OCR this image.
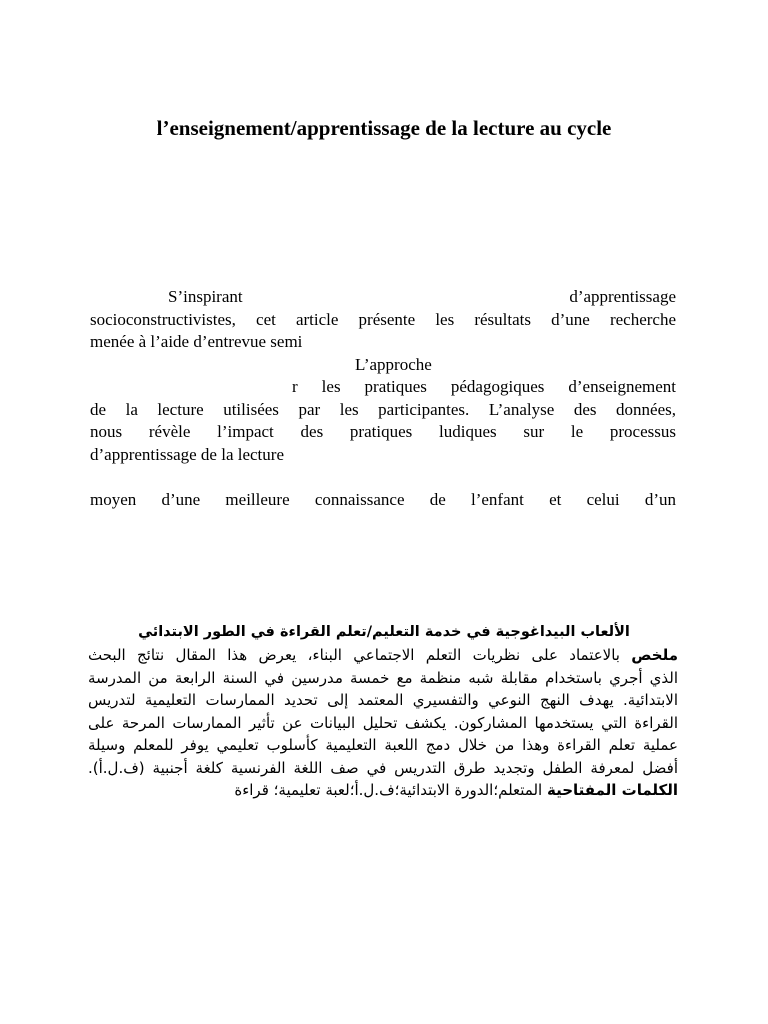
l’enseignement/apprentissage de la lecture au cycle
S’inspirant	d’apprentissage
socioconstructivistes, cet article présente les résultats d’une recherche
menée à l’aide d’entrevue semi
L’approche
r les pratiques pédagogiques d’enseignement
de la lecture utilisées par les participantes. L’analyse des données,
nous révèle l’impact des pratiques ludiques sur le processus
d’apprentissage de la lecture
moyen d’une meilleure connaissance de l’enfant et celui d’un
الألعاب البيداغوجية في خدمة التعليم/تعلم القراءة في الطور الابتدائي
ملخص بالاعتماد على نظريات التعلم الاجتماعي البناء، يعرض هذا المقال نتائج البحث
الذي أجري باستخدام مقابلة شبه منظمة مع خمسة مدرسين في السنة الرابعة من المدرسة
الابتدائية. يهدف النهج النوعي والتفسيري المعتمد إلى تحديد الممارسات التعليمية لتدريس
القراءة التي يستخدمها المشاركون. يكشف تحليل البيانات عن تأثير الممارسات المرحة على
عملية تعلم القراءة وهذا من خلال دمج اللعبة التعليمية كأسلوب تعليمي يوفر للمعلم وسيلة
أفضل لمعرفة الطفل وتجديد طرق التدريس في صف اللغة الفرنسية كلغة أجنبية (ف.ل.أ).
الكلمات المفتاحية المتعلم؛الدورة الابتدائية؛ف.ل.أ؛لعبة تعليمية؛ قراءة
